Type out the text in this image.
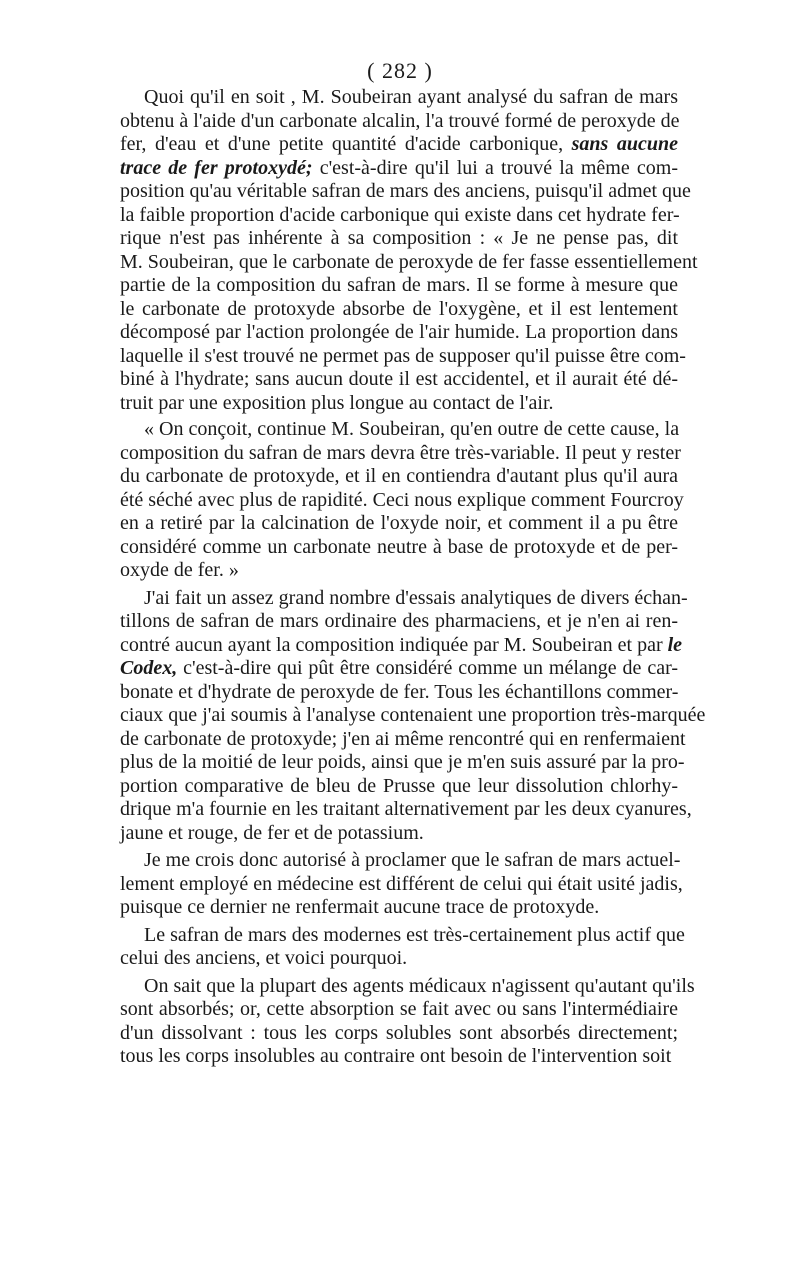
( 282 )
Quoi qu'il en soit , M. Soubeiran ayant analysé du safran de mars
obtenu à l'aide d'un carbonate alcalin, l'a trouvé formé de peroxyde de
fer, d'eau et d'une petite quantité d'acide carbonique, sans aucune
trace de fer protoxydé; c'est-à-dire qu'il lui a trouvé la même com-
position qu'au véritable safran de mars des anciens, puisqu'il admet que
la faible proportion d'acide carbonique qui existe dans cet hydrate fer-
rique n'est pas inhérente à sa composition : « Je ne pense pas, dit
M. Soubeiran, que le carbonate de peroxyde de fer fasse essentiellement
partie de la composition du safran de mars. Il se forme à mesure que
le carbonate de protoxyde absorbe de l'oxygène, et il est lentement
décomposé par l'action prolongée de l'air humide. La proportion dans
laquelle il s'est trouvé ne permet pas de supposer qu'il puisse être com-
biné à l'hydrate; sans aucun doute il est accidentel, et il aurait été dé-
truit par une exposition plus longue au contact de l'air.
« On conçoit, continue M. Soubeiran, qu'en outre de cette cause, la
composition du safran de mars devra être très-variable. Il peut y rester
du carbonate de protoxyde, et il en contiendra d'autant plus qu'il aura
été séché avec plus de rapidité. Ceci nous explique comment Fourcroy
en a retiré par la calcination de l'oxyde noir, et comment il a pu être
considéré comme un carbonate neutre à base de protoxyde et de per-
oxyde de fer. »
J'ai fait un assez grand nombre d'essais analytiques de divers échan-
tillons de safran de mars ordinaire des pharmaciens, et je n'en ai ren-
contré aucun ayant la composition indiquée par M. Soubeiran et par le
Codex, c'est-à-dire qui pût être considéré comme un mélange de car-
bonate et d'hydrate de peroxyde de fer. Tous les échantillons commer-
ciaux que j'ai soumis à l'analyse contenaient une proportion très-marquée
de carbonate de protoxyde; j'en ai même rencontré qui en renfermaient
plus de la moitié de leur poids, ainsi que je m'en suis assuré par la pro-
portion comparative de bleu de Prusse que leur dissolution chlorhy-
drique m'a fournie en les traitant alternativement par les deux cyanures,
jaune et rouge, de fer et de potassium.
Je me crois donc autorisé à proclamer que le safran de mars actuel-
lement employé en médecine est différent de celui qui était usité jadis,
puisque ce dernier ne renfermait aucune trace de protoxyde.
Le safran de mars des modernes est très-certainement plus actif que
celui des anciens, et voici pourquoi.
On sait que la plupart des agents médicaux n'agissent qu'autant qu'ils
sont absorbés; or, cette absorption se fait avec ou sans l'intermédiaire
d'un dissolvant : tous les corps solubles sont absorbés directement;
tous les corps insolubles au contraire ont besoin de l'intervention soit
